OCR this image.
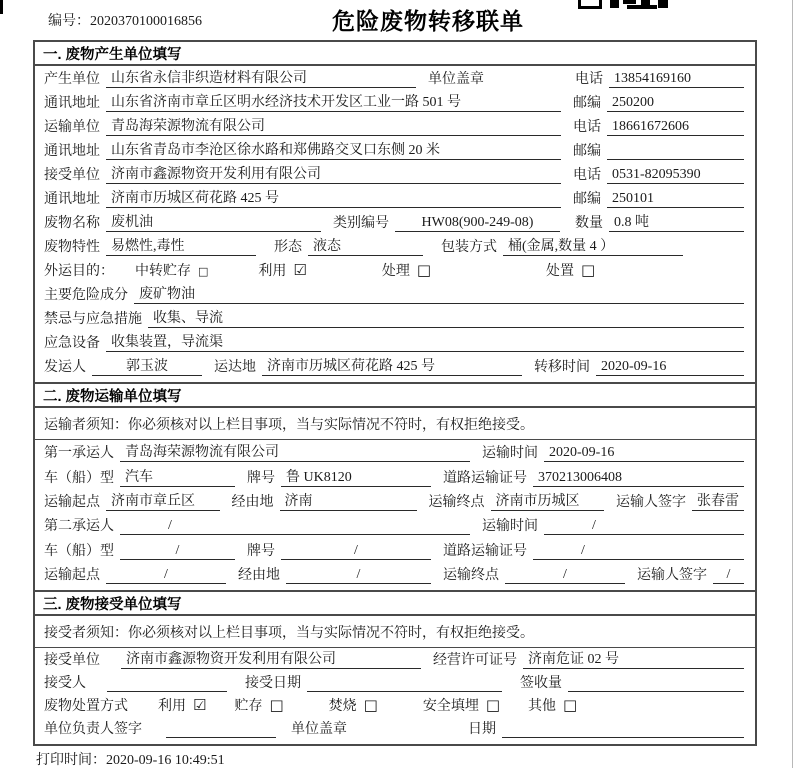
编号：2020370100016856	危险废物转移联单
一. 废物产生单位填写
产生单位 山东省永信非织造材料有限公司	单位盖章	电话 13854169160
通讯地址 山东省济南市章丘区明水经济技术开发区工业一路 501 号	邮编 250200
运输单位 青岛海荣源物流有限公司	电话 18661672606
通讯地址 山东省青岛市李沧区徐水路和郑佛路交叉口东侧 20 米	邮编
接受单位 济南市鑫源物资开发利用有限公司	电话 0531-82095390
通讯地址 济南市历城区荷花路 425 号	邮编 250101
废物名称 废机油	类别编号	HW08(900-249-08)	数量 0.8 吨
废物特性 易燃性,毒性	形态 液态	包装方式 桶(金属,数量 4 ）
外运目的： 中转贮存 □	利用 ☑	处理 □	处置 □
主要危险成分 废矿物油
禁忌与应急措施 收集、导流
应急设备 收集装置，导流渠
发运人	郭玉波	运达地 济南市历城区荷花路 425 号	转移时间 2020-09-16
二. 废物运输单位填写
运输者须知： 你必须核对以上栏目事项，当与实际情况不符时，有权拒绝接受。
第一承运人 青岛海荣源物流有限公司	运输时间 2020-09-16
车（船）型 汽车	牌号 鲁 UK8120	道路运输证号 370213006408
运输起点 济南市章丘区	经由地 济南	运输终点 济南市历城区	运输人签字 张春雷
第二承运人	/	运输时间	/
车（船）型	/	牌号	/	道路运输证号	/
运输起点	/	经由地	/	运输终点	/	运输人签字	/
三. 废物接受单位填写
接受者须知： 你必须核对以上栏目事项，当与实际情况不符时，有权拒绝接受。
接受单位	济南市鑫源物资开发利用有限公司	经营许可证号 济南危证 02 号
接受人	接受日期	签收量
废物处置方式 利用 ☑ 贮存 □	焚烧 □	安全填埋 □ 其他 □
单位负责人签字	单位盖章	日期
打印时间：2020-09-16 10:49:51
